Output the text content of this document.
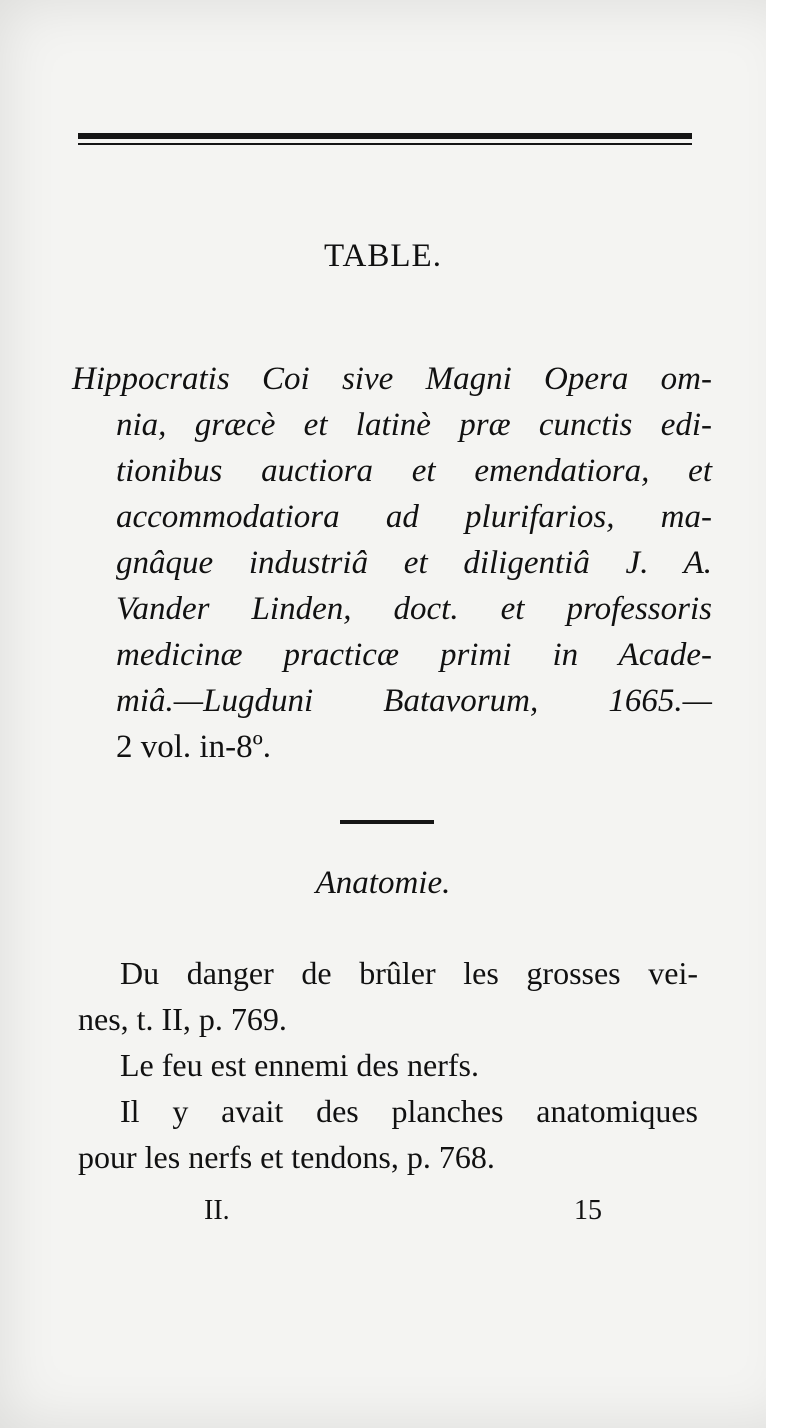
TABLE.
Hippocratis Coi sive Magni Opera om-
nia, græcè et latinè præ cunctis edi-
tionibus auctiora et emendatiora, et
accommodatiora ad plurifarios, ma-
gnâque industriâ et diligentiâ J. A.
Vander Linden, doct. et professoris
medicinæ practicæ primi in Acade-
miâ.—Lugduni Batavorum, 1665.—
2 vol. in-8º.
Anatomie.
Du danger de brûler les grosses vei-
nes, t. II, p. 769.
Le feu est ennemi des nerfs.
Il y avait des planches anatomiques
pour les nerfs et tendons, p. 768.
II.	15
